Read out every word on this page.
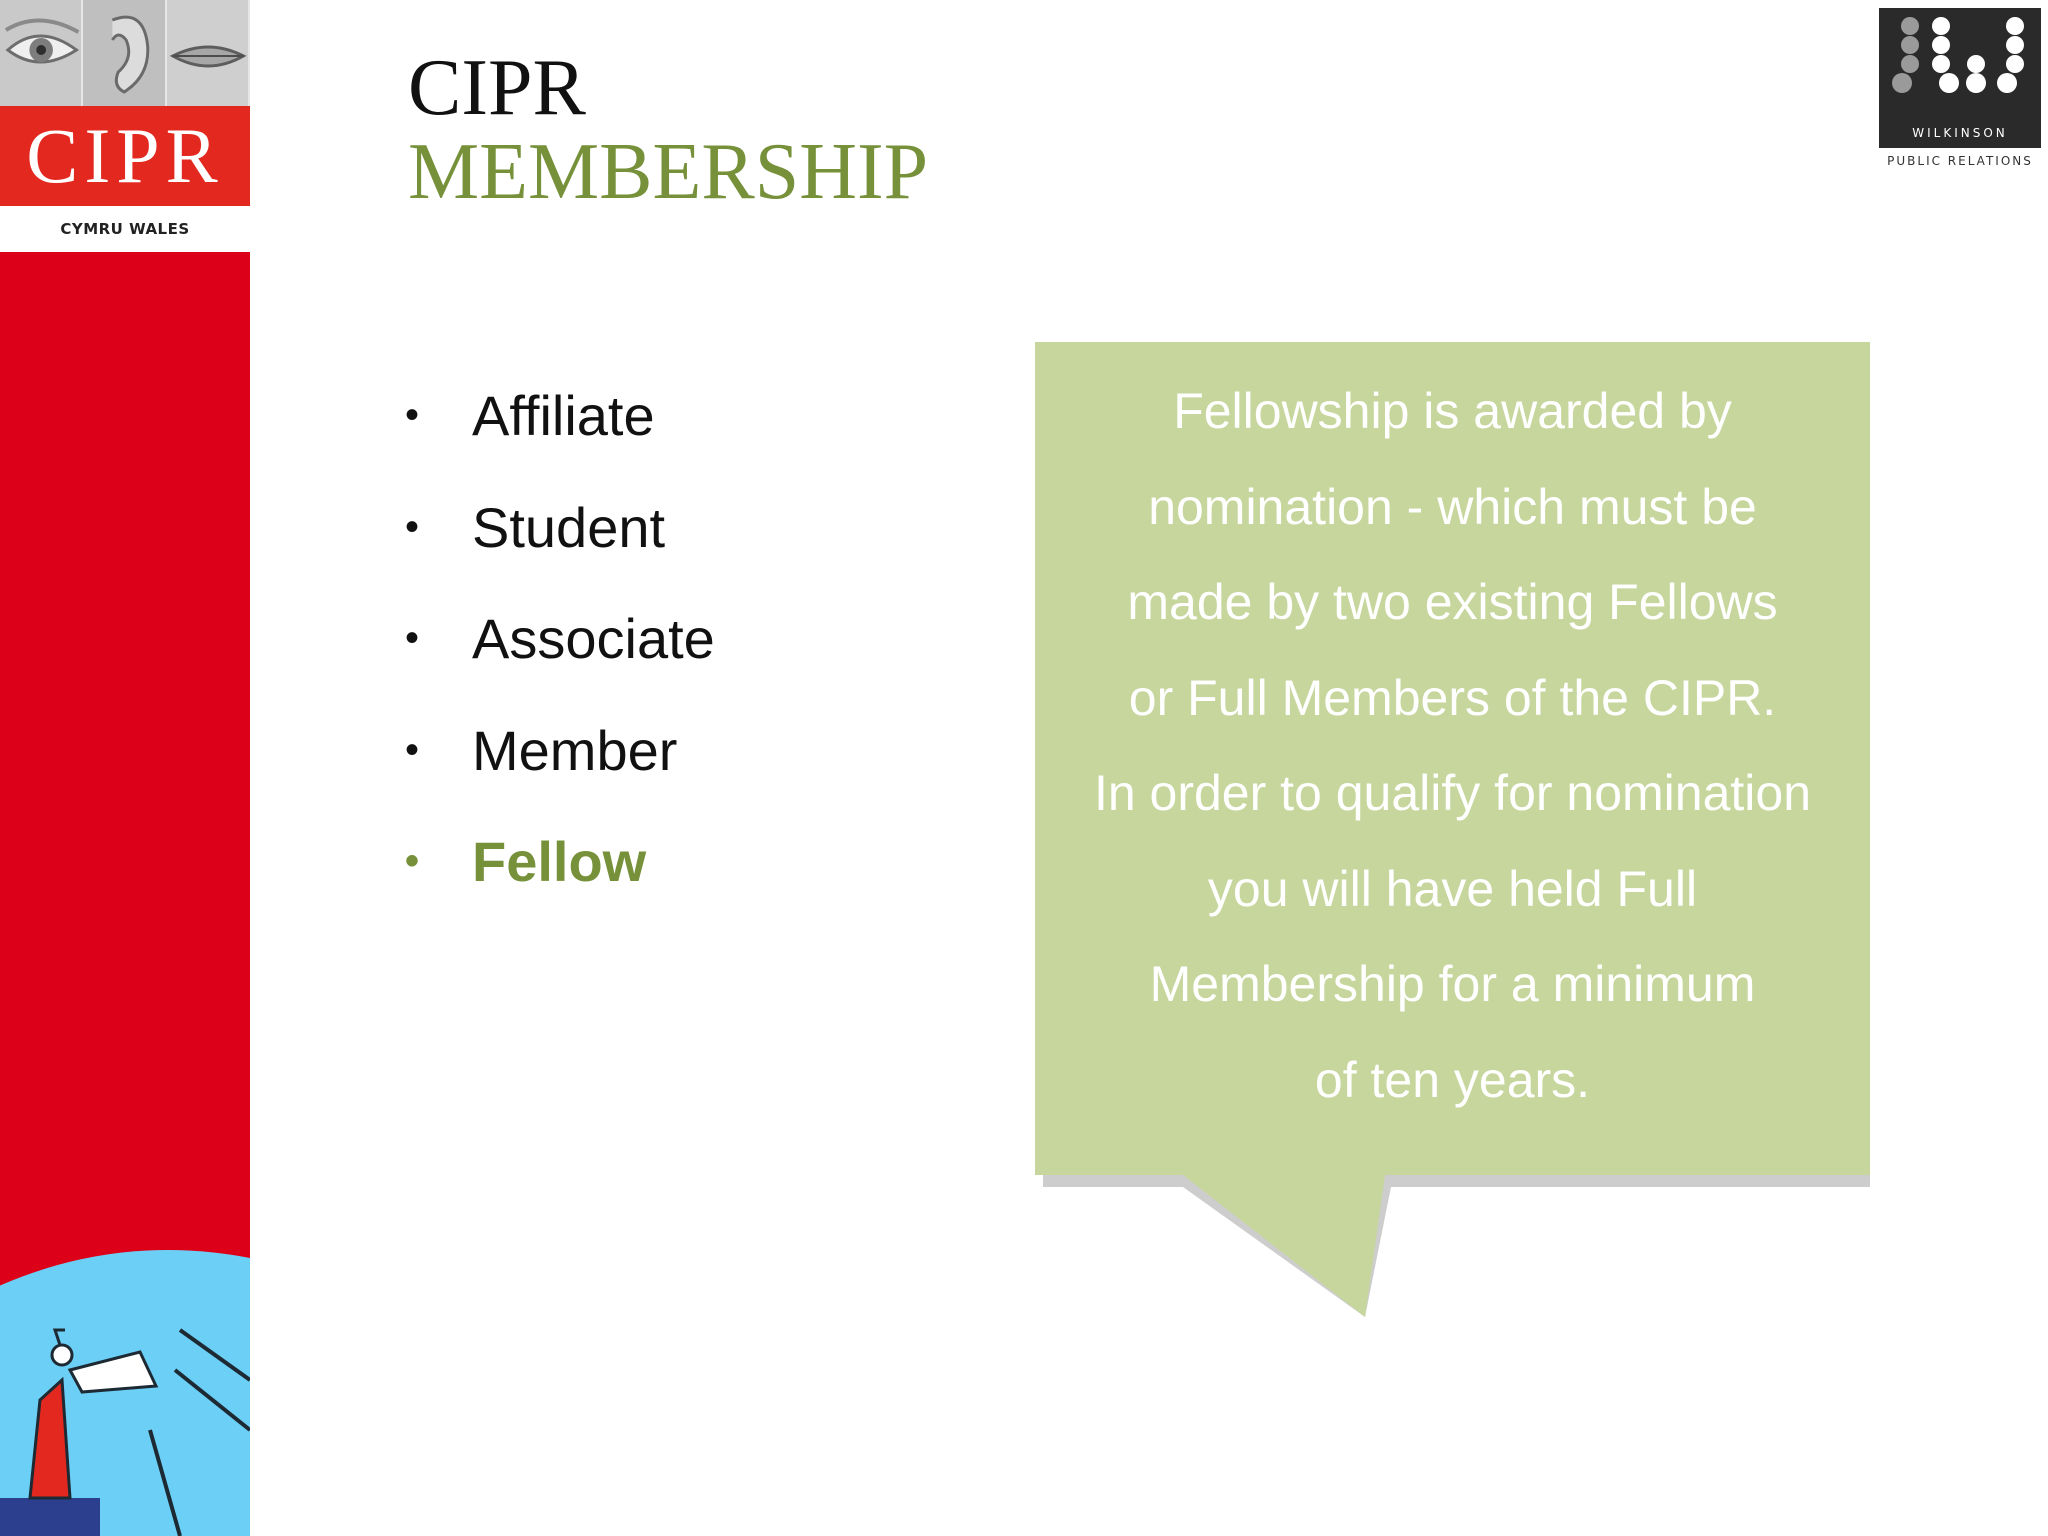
CIPR
CYMRU WALES
CIPR
MEMBERSHIP	WILKINSON
PUBLIC RELATIONS
• Affiliate
• Student
• Associate
• Member
• Fellow

Fellowship is awarded by
nomination - which must be
made by two existing Fellows
or Full Members of the CIPR.
In order to qualify for nomination
you will have held Full
Membership for a minimum
of ten years.
